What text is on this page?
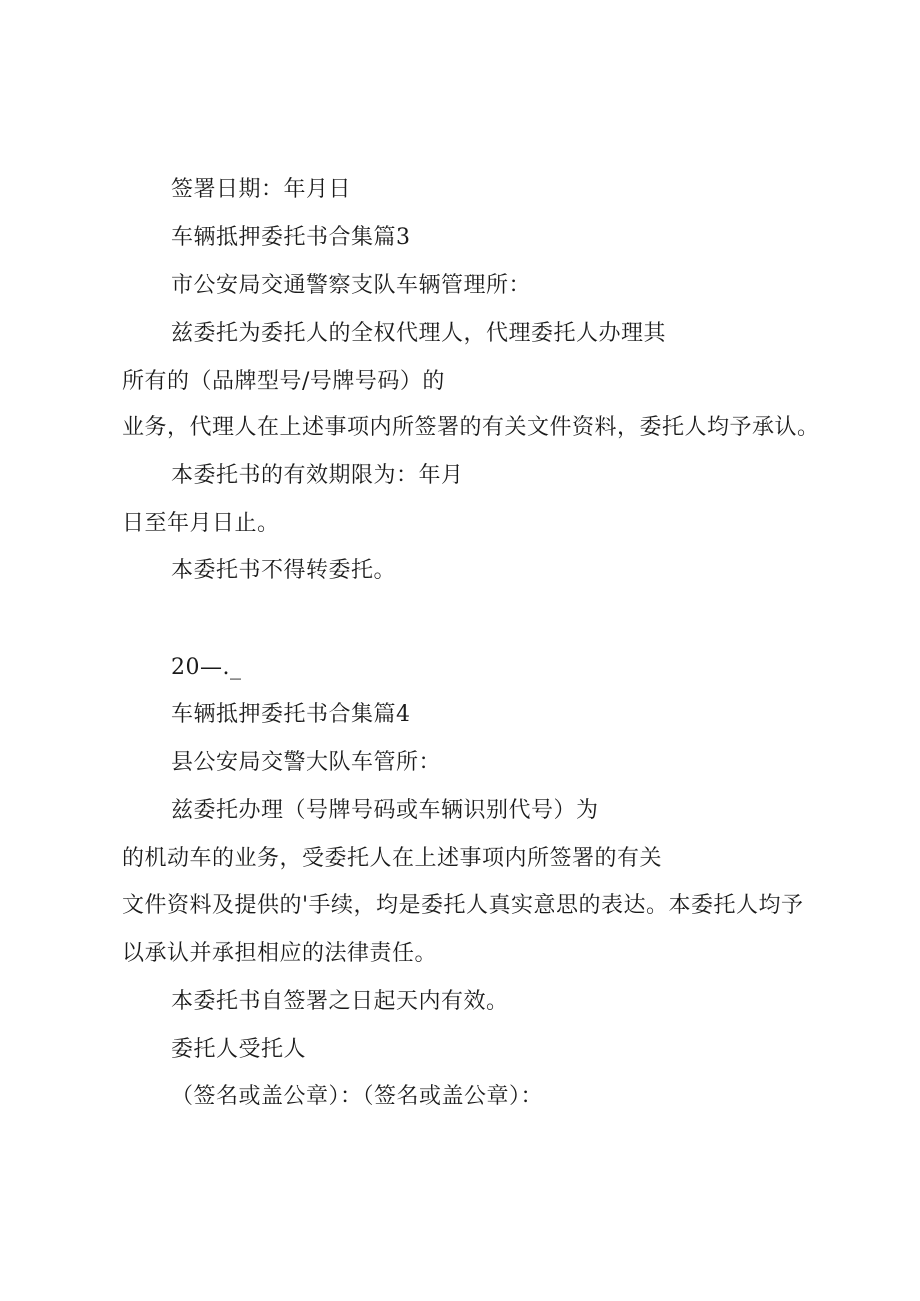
签署日期：年月日
车辆抵押委托书合集篇3
市公安局交通警察支队车辆管理所：
兹委托为委托人的全权代理人，代理委托人办理其
所有的（品牌型号/号牌号码）的
业务，代理人在上述事项内所签署的有关文件资料，委托人均予承认。
本委托书的有效期限为：年月
日至年月日止。
本委托书不得转委托。
20—._
车辆抵押委托书合集篇4
县公安局交警大队车管所：
兹委托办理（号牌号码或车辆识别代号）为
的机动车的业务，受委托人在上述事项内所签署的有关
文件资料及提供的'手续，均是委托人真实意思的表达。本委托人均予
以承认并承担相应的法律责任。
本委托书自签署之日起天内有效。
委托人受托人
（签名或盖公章）：（签名或盖公章）：
